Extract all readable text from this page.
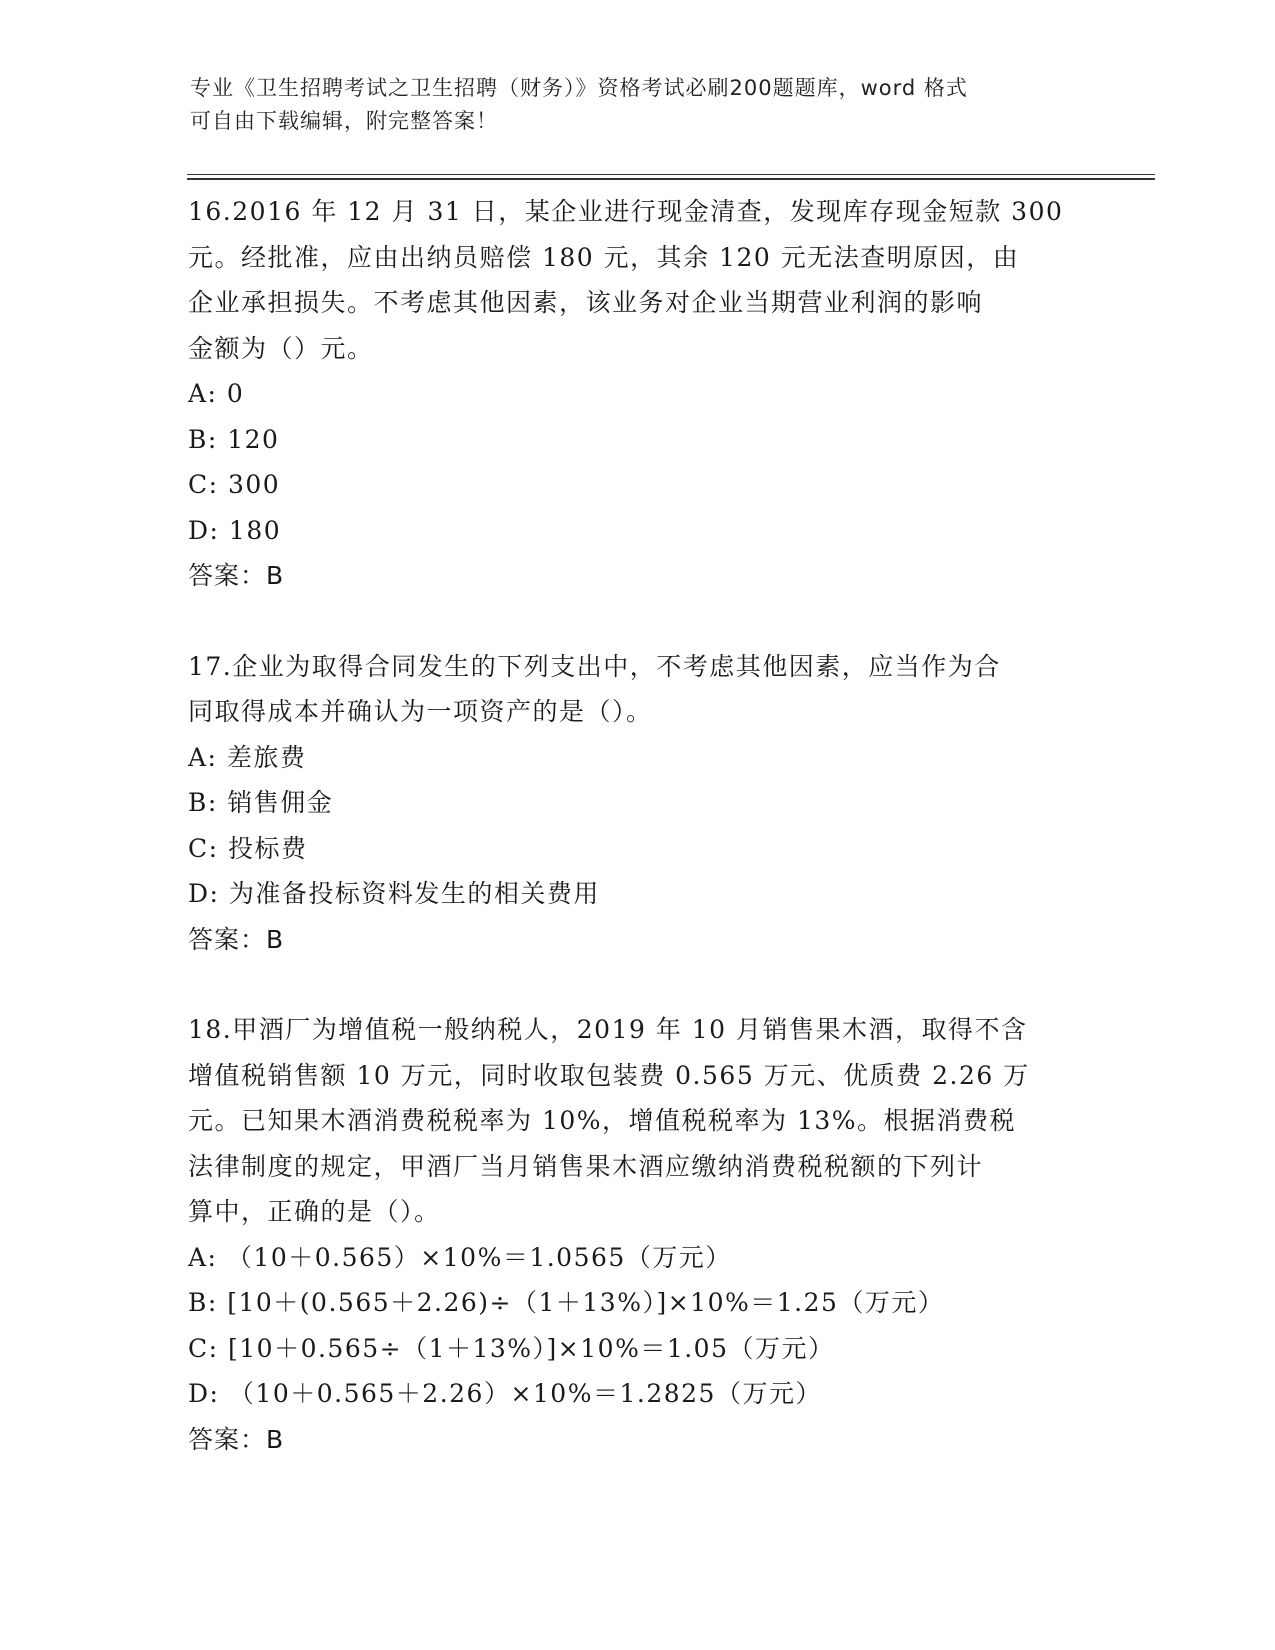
专业《卫生招聘考试之卫生招聘（财务）》资格考试必刷200题题库，word 格式
可自由下载编辑，附完整答案！
16.2016 年 12 月 31 日，某企业进行现金清查，发现库存现金短款 300
元。经批准，应由出纳员赔偿 180 元，其余 120 元无法查明原因，由
企业承担损失。不考虑其他因素，该业务对企业当期营业利润的影响
金额为（）元。
A: 0
B: 120
C: 300
D: 180
答案：B
17.企业为取得合同发生的下列支出中，不考虑其他因素，应当作为合
同取得成本并确认为一项资产的是（）。
A: 差旅费
B: 销售佣金
C: 投标费
D: 为准备投标资料发生的相关费用
答案：B
18.甲酒厂为增值税一般纳税人，2019 年 10 月销售果木酒，取得不含
增值税销售额 10 万元，同时收取包装费 0.565 万元、优质费 2.26 万
元。已知果木酒消费税税率为 10%，增值税税率为 13%。根据消费税
法律制度的规定，甲酒厂当月销售果木酒应缴纳消费税税额的下列计
算中，正确的是（）。
A: （10＋0.565）×10%＝1.0565（万元）
B: [10＋(0.565＋2.26)÷（1＋13%）]×10%＝1.25（万元）
C: [10＋0.565÷（1＋13%）]×10%＝1.05（万元）
D: （10＋0.565＋2.26）×10%＝1.2825（万元）
答案：B
